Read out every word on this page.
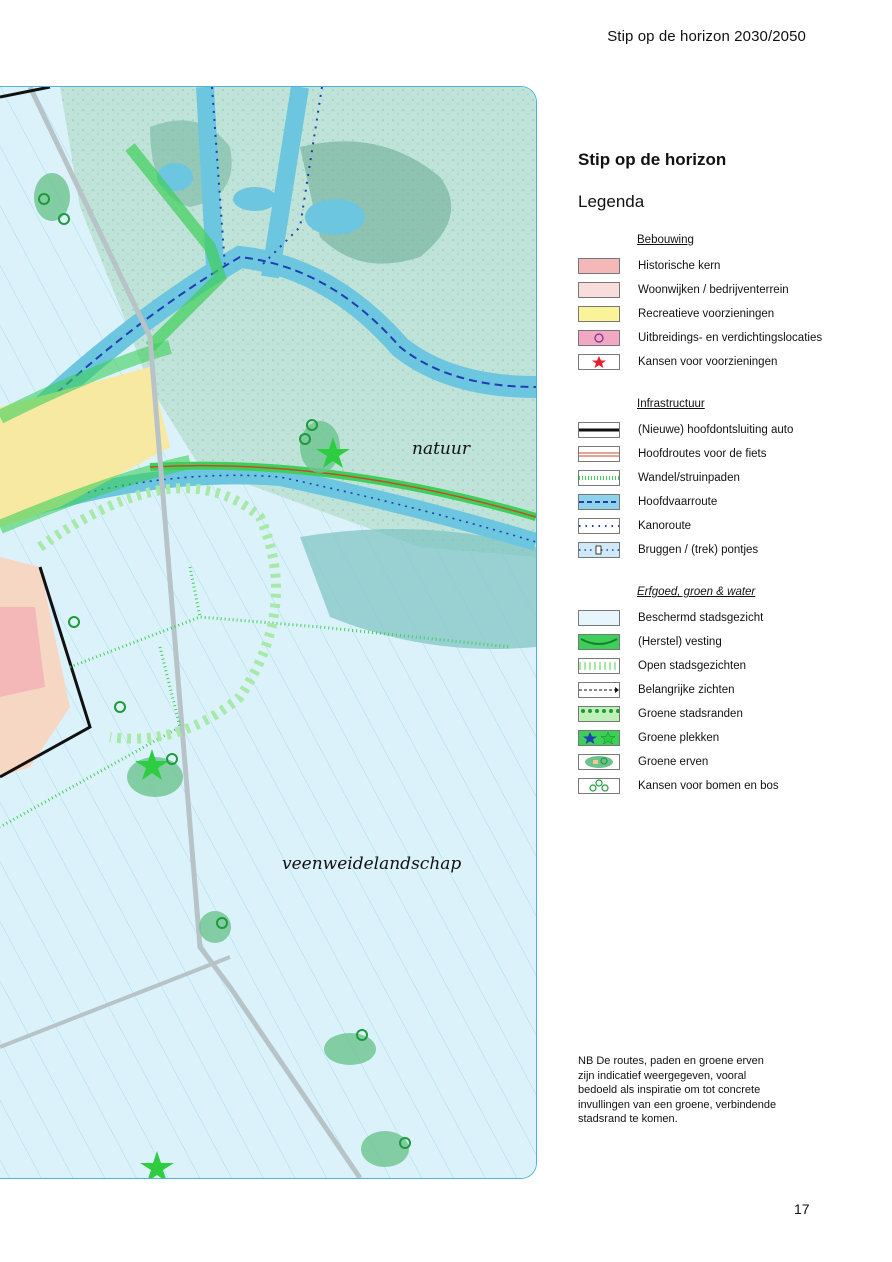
Stip op de horizon 2030/2050
natuur
veenweidelandschap
Stip op de horizon
Legenda
Bebouwing
Historische kern
Woonwijken / bedrijventerrein
Recreatieve voorzieningen
Uitbreidings- en verdichtingslocaties
Kansen voor voorzieningen
Infrastructuur
(Nieuwe) hoofdontsluiting auto
Hoofdroutes voor de fiets
Wandel/struinpaden
Hoofdvaarroute
Kanoroute
Bruggen / (trek) pontjes
Erfgoed, groen & water
Beschermd stadsgezicht
(Herstel) vesting
Open stadsgezichten
Belangrijke zichten
Groene stadsranden
Groene plekken
Groene erven
Kansen voor bomen en bos
NB De routes, paden en groene erven zijn indicatief weergegeven, vooral bedoeld als inspiratie om tot concrete invullingen van een groene, verbindende stadsrand te komen.
17
